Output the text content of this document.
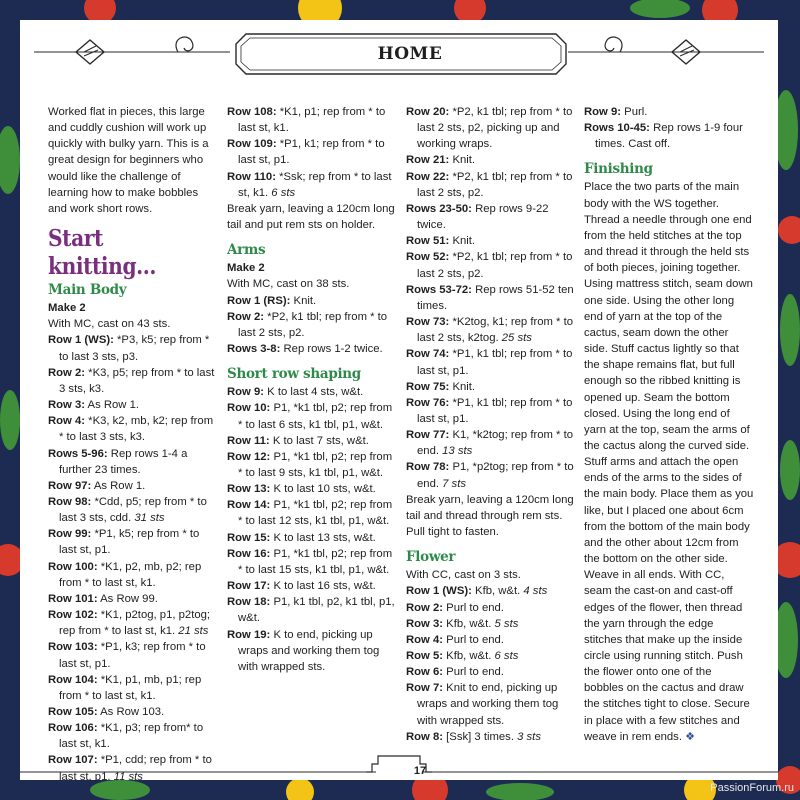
HOME

Worked flat in pieces, this large and cuddly cushion will work up quickly with bulky yarn. This is a great design for beginners who would like the challenge of learning how to make bobbles and work short rows.

Start knitting...

Main Body

Make 2

With MC, cast on 43 sts.

Row 1 (WS): *P3, k5; rep from * to last 3 sts, p3.

Row 2: *K3, p5; rep from * to last 3 sts, k3.

Row 3: As Row 1.

Row 4: *K3, k2, mb, k2; rep from * to last 3 sts, k3.

Rows 5-96: Rep rows 1-4 a further 23 times.

Row 97: As Row 1.

Row 98: *Cdd, p5; rep from * to last 3 sts, cdd. 31 sts

Row 99: *P1, k5; rep from * to last st, p1.

Row 100: *K1, p2, mb, p2; rep from * to last st, k1.

Row 101: As Row 99.

Row 102: *K1, p2tog, p1, p2tog; rep from * to last st, k1. 21 sts

Row 103: *P1, k3; rep from * to last st, p1.

Row 104: *K1, p1, mb, p1; rep from * to last st, k1.

Row 105: As Row 103.

Row 106: *K1, p3; rep from* to last st, k1.

Row 107: *P1, cdd; rep from * to last st, p1. 11 sts

Row 108: *K1, p1; rep from * to last st, k1.

Row 109: *P1, k1; rep from * to last st, p1.

Row 110: *Ssk; rep from * to last st, k1. 6 sts

Break yarn, leaving a 120cm long tail and put rem sts on holder.

Arms

Make 2

With MC, cast on 38 sts.

Row 1 (RS): Knit.

Row 2: *P2, k1 tbl; rep from * to last 2 sts, p2.

Rows 3-8: Rep rows 1-2 twice.

Short row shaping

Row 9: K to last 4 sts, w&t.

Row 10: P1, *k1 tbl, p2; rep from * to last 6 sts, k1 tbl, p1, w&t.

Row 11: K to last 7 sts, w&t.

Row 12: P1, *k1 tbl, p2; rep from * to last 9 sts, k1 tbl, p1, w&t.

Row 13: K to last 10 sts, w&t.

Row 14: P1, *k1 tbl, p2; rep from * to last 12 sts, k1 tbl, p1, w&t.

Row 15: K to last 13 sts, w&t.

Row 16: P1, *k1 tbl, p2; rep from * to last 15 sts, k1 tbl, p1, w&t.

Row 17: K to last 16 sts, w&t.

Row 18: P1, k1 tbl, p2, k1 tbl, p1, w&t.

Row 19: K to end, picking up wraps and working them tog with wrapped sts.

Row 20: *P2, k1 tbl; rep from * to last 2 sts, p2, picking up and working wraps.

Row 21: Knit.

Row 22: *P2, k1 tbl; rep from * to last 2 sts, p2.

Rows 23-50: Rep rows 9-22 twice.

Row 51: Knit.

Row 52: *P2, k1 tbl; rep from * to last 2 sts, p2.

Rows 53-72: Rep rows 51-52 ten times.

Row 73: *K2tog, k1; rep from * to last 2 sts, k2tog. 25 sts

Row 74: *P1, k1 tbl; rep from * to last st, p1.

Row 75: Knit.

Row 76: *P1, k1 tbl; rep from * to last st, p1.

Row 77: K1, *k2tog; rep from * to end. 13 sts

Row 78: P1, *p2tog; rep from * to end. 7 sts

Break yarn, leaving a 120cm long tail and thread through rem sts. Pull tight to fasten.

Flower

With CC, cast on 3 sts.

Row 1 (WS): Kfb, w&t. 4 sts

Row 2: Purl to end.

Row 3: Kfb, w&t. 5 sts

Row 4: Purl to end.

Row 5: Kfb, w&t. 6 sts

Row 6: Purl to end.

Row 7: Knit to end, picking up wraps and working them tog with wrapped sts.

Row 8: [Ssk] 3 times. 3 sts

Row 9: Purl.

Rows 10-45: Rep rows 1-9 four times. Cast off.

Finishing

Place the two parts of the main body with the WS together. Thread a needle through one end from the held stitches at the top and thread it through the held sts of both pieces, joining together. Using mattress stitch, seam down one side. Using the other long end of yarn at the top of the cactus, seam down the other side. Stuff cactus lightly so that the shape remains flat, but full enough so the ribbed knitting is opened up. Seam the bottom closed. Using the long end of yarn at the top, seam the arms of the cactus along the curved side. Stuff arms and attach the open ends of the arms to the sides of the main body. Place them as you like, but I placed one about 6cm from the bottom of the main body and the other about 12cm from the bottom on the other side. Weave in all ends. With CC, seam the cast-on and cast-off edges of the flower, then thread the yarn through the edge stitches that make up the inside circle using running stitch. Push the flower onto one of the bobbles on the cactus and draw the stitches tight to close. Secure in place with a few stitches and weave in rem ends. ❖

17
PassionForum.ru
